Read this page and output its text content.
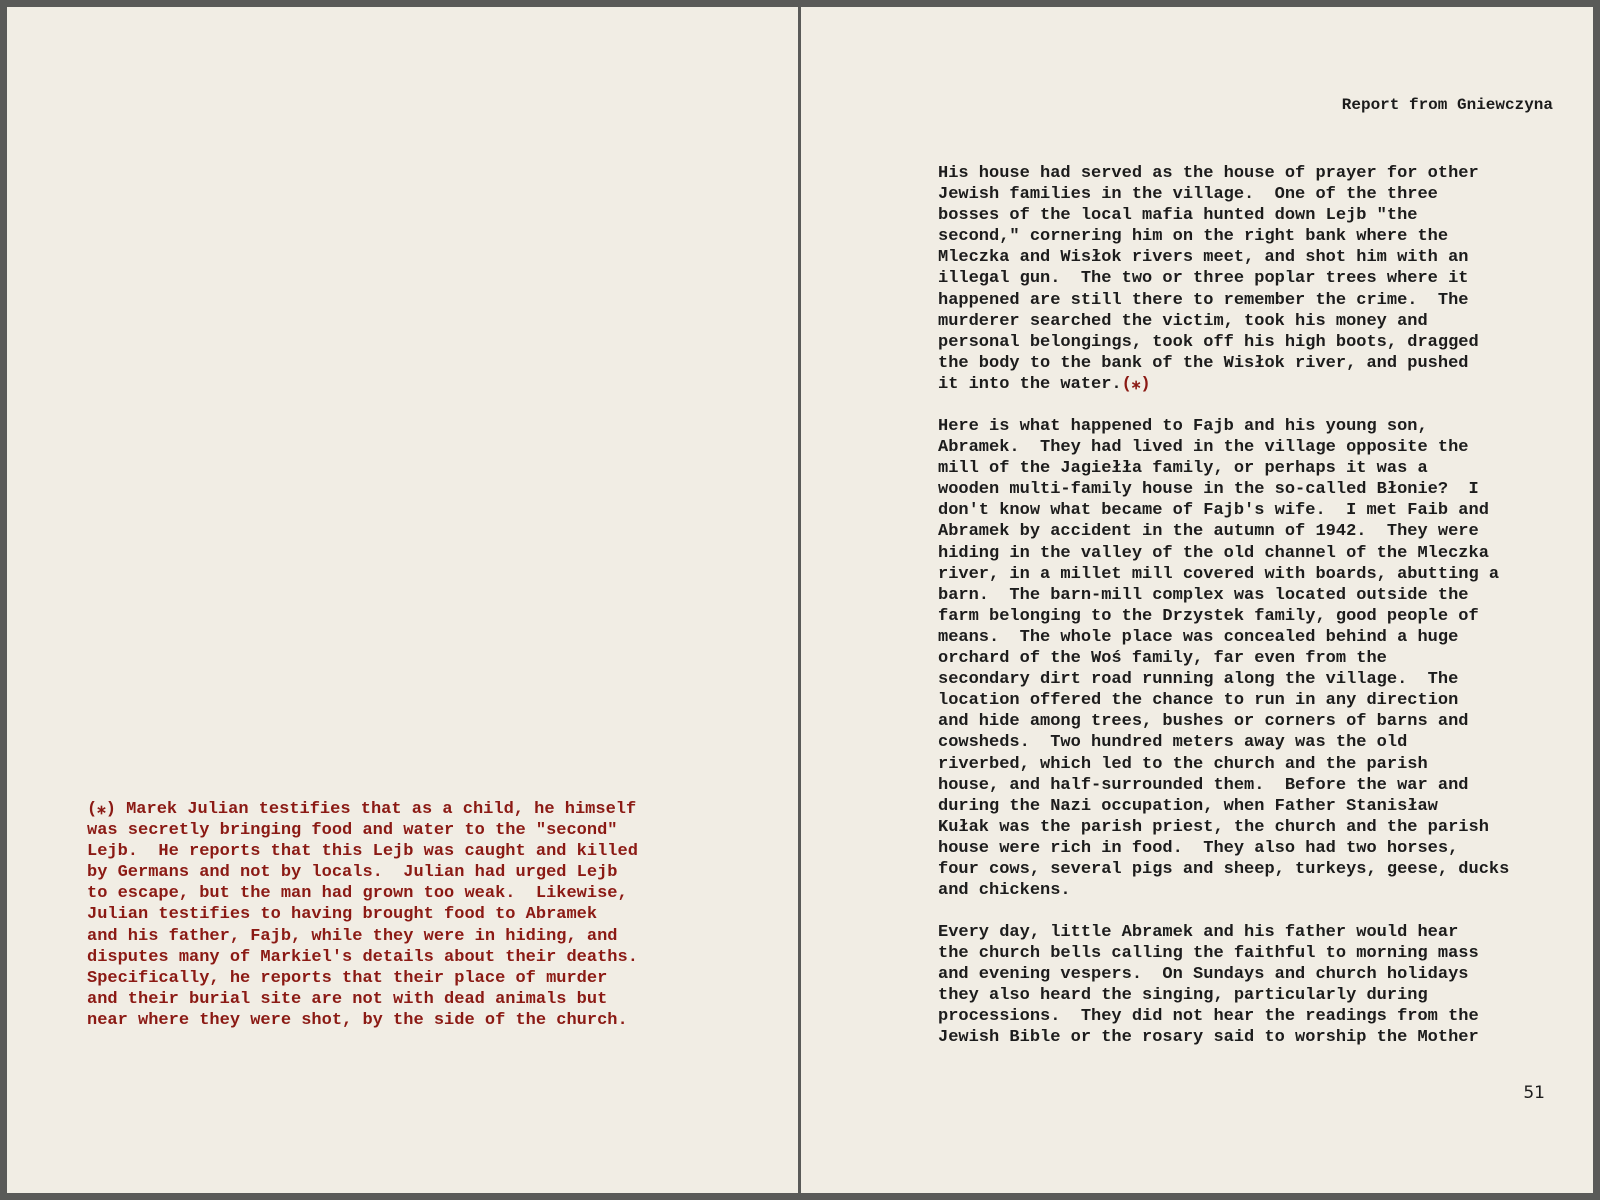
(⁎) Marek Julian testifies that as a child, he himself
was secretly bringing food and water to the "second"
Lejb.  He reports that this Lejb was caught and killed
by Germans and not by locals.  Julian had urged Lejb
to escape, but the man had grown too weak.  Likewise,
Julian testifies to having brought food to Abramek
and his father, Fajb, while they were in hiding, and
disputes many of Markiel's details about their deaths.
Specifically, he reports that their place of murder
and their burial site are not with dead animals but
near where they were shot, by the side of the church.
Report from Gniewczyna
His house had served as the house of prayer for other
Jewish families in the village.  One of the three
bosses of the local mafia hunted down Lejb "the
second," cornering him on the right bank where the
Mleczka and Wisłok rivers meet, and shot him with an
illegal gun.  The two or three poplar trees where it
happened are still there to remember the crime.  The
murderer searched the victim, took his money and
personal belongings, took off his high boots, dragged
the body to the bank of the Wisłok river, and pushed
it into the water.(⁎)
Here is what happened to Fajb and his young son,
Abramek.  They had lived in the village opposite the
mill of the Jagiełła family, or perhaps it was a
wooden multi-family house in the so-called Błonie?  I
don't know what became of Fajb's wife.  I met Faib and
Abramek by accident in the autumn of 1942.  They were
hiding in the valley of the old channel of the Mleczka
river, in a millet mill covered with boards, abutting a
barn.  The barn-mill complex was located outside the
farm belonging to the Drzystek family, good people of
means.  The whole place was concealed behind a huge
orchard of the Woś family, far even from the
secondary dirt road running along the village.  The
location offered the chance to run in any direction
and hide among trees, bushes or corners of barns and
cowsheds.  Two hundred meters away was the old
riverbed, which led to the church and the parish
house, and half-surrounded them.  Before the war and
during the Nazi occupation, when Father Stanisław
Kułak was the parish priest, the church and the parish
house were rich in food.  They also had two horses,
four cows, several pigs and sheep, turkeys, geese, ducks
and chickens.
Every day, little Abramek and his father would hear
the church bells calling the faithful to morning mass
and evening vespers.  On Sundays and church holidays
they also heard the singing, particularly during
processions.  They did not hear the readings from the
Jewish Bible or the rosary said to worship the Mother
51
